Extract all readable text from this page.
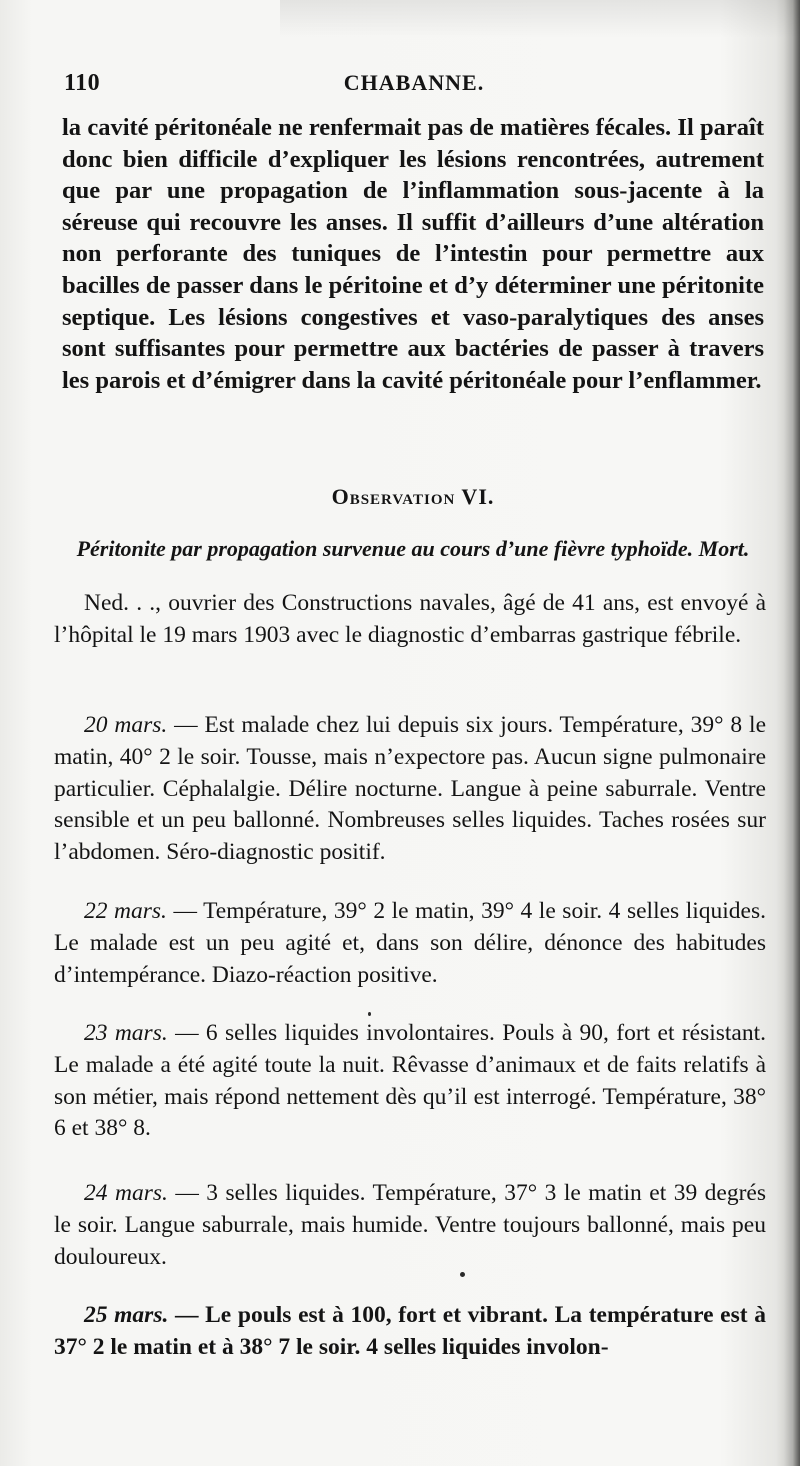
110	CHABANNE.

la cavité péritonéale ne renfermait pas de matières fécales. Il paraît donc bien difficile d’expliquer les lésions rencontrées, autrement que par une propagation de l’inflammation sous-jacente à la séreuse qui recouvre les anses. Il suffit d’ailleurs d’une altération non perforante des tuniques de l’intestin pour permettre aux bacilles de passer dans le péritoine et d’y déterminer une péritonite septique. Les lésions congestives et vaso-paralytiques des anses sont suffisantes pour permettre aux bactéries de passer à travers les parois et d’émigrer dans la cavité péritonéale pour l’enflammer.

Observation VI.

Péritonite par propagation survenue au cours d’une fièvre typhoïde. Mort.

Ned. . ., ouvrier des Constructions navales, âgé de 41 ans, est envoyé à l’hôpital le 19 mars 1903 avec le diagnostic d’embarras gastrique fébrile.

20 mars. — Est malade chez lui depuis six jours. Température, 39° 8 le matin, 40° 2 le soir. Tousse, mais n’expectore pas. Aucun signe pulmonaire particulier. Céphalalgie. Délire nocturne. Langue à peine saburrale. Ventre sensible et un peu ballonné. Nombreuses selles liquides. Taches rosées sur l’abdomen. Séro-diagnostic positif.

22 mars. — Température, 39° 2 le matin, 39° 4 le soir. 4 selles liquides. Le malade est un peu agité et, dans son délire, dénonce des habitudes d’intempérance. Diazo-réaction positive.

23 mars. — 6 selles liquides involontaires. Pouls à 90, fort et résistant. Le malade a été agité toute la nuit. Rêvasse d’animaux et de faits relatifs à son métier, mais répond nettement dès qu’il est interrogé. Température, 38° 6 et 38° 8.

24 mars. — 3 selles liquides. Température, 37° 3 le matin et 39 degrés le soir. Langue saburrale, mais humide. Ventre toujours ballonné, mais peu douloureux.

25 mars. — Le pouls est à 100, fort et vibrant. La température est à 37° 2 le matin et à 38° 7 le soir. 4 selles liquides involon-
